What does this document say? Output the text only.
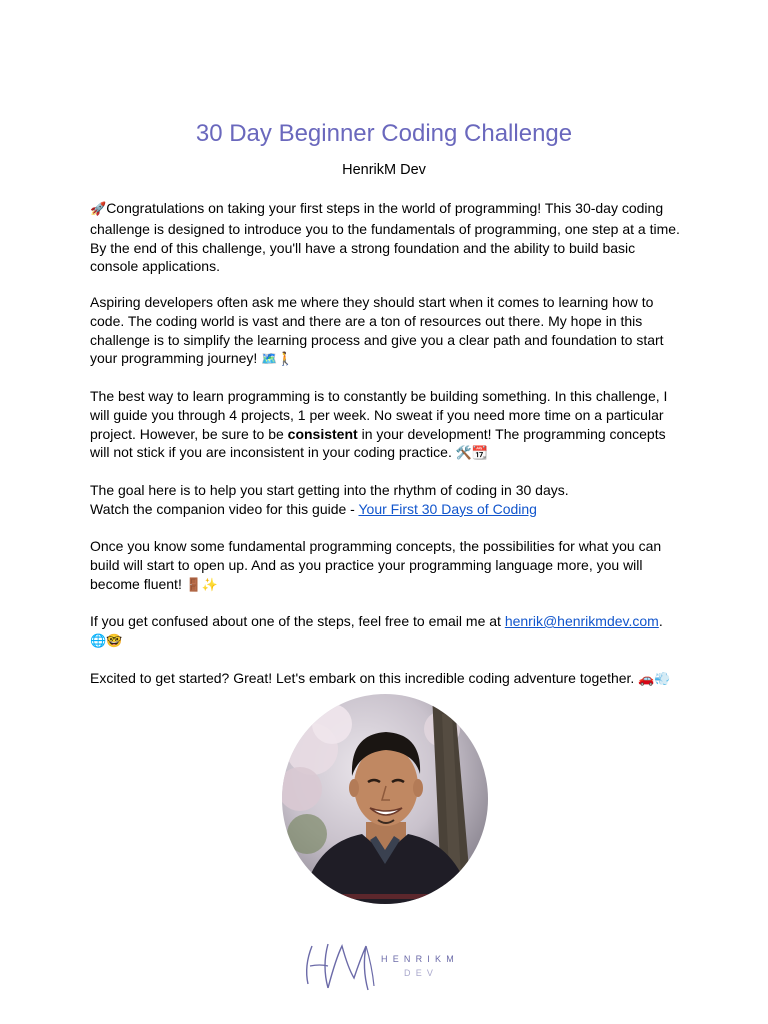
30 Day Beginner Coding Challenge
HenrikM Dev

🚀Congratulations on taking your first steps in the world of programming! This 30-day coding challenge is designed to introduce you to the fundamentals of programming, one step at a time. By the end of this challenge, you'll have a strong foundation and the ability to build basic console applications.

Aspiring developers often ask me where they should start when it comes to learning how to code. The coding world is vast and there are a ton of resources out there. My hope in this challenge is to simplify the learning process and give you a clear path and foundation to start your programming journey! 🗺️🚶

The best way to learn programming is to constantly be building something. In this challenge, I will guide you through 4 projects, 1 per week. No sweat if you need more time on a particular project. However, be sure to be consistent in your development! The programming concepts will not stick if you are inconsistent in your coding practice. 🛠️📆

The goal here is to help you start getting into the rhythm of coding in 30 days.
Watch the companion video for this guide - Your First 30 Days of Coding

Once you know some fundamental programming concepts, the possibilities for what you can build will start to open up. And as you practice your programming language more, you will become fluent! 🚪✨

If you get confused about one of the steps, feel free to email me at henrik@henrikmdev.com.
🌐🤓

Excited to get started? Great! Let's embark on this incredible coding adventure together. 🚗💨

HENRIKM
DEV
